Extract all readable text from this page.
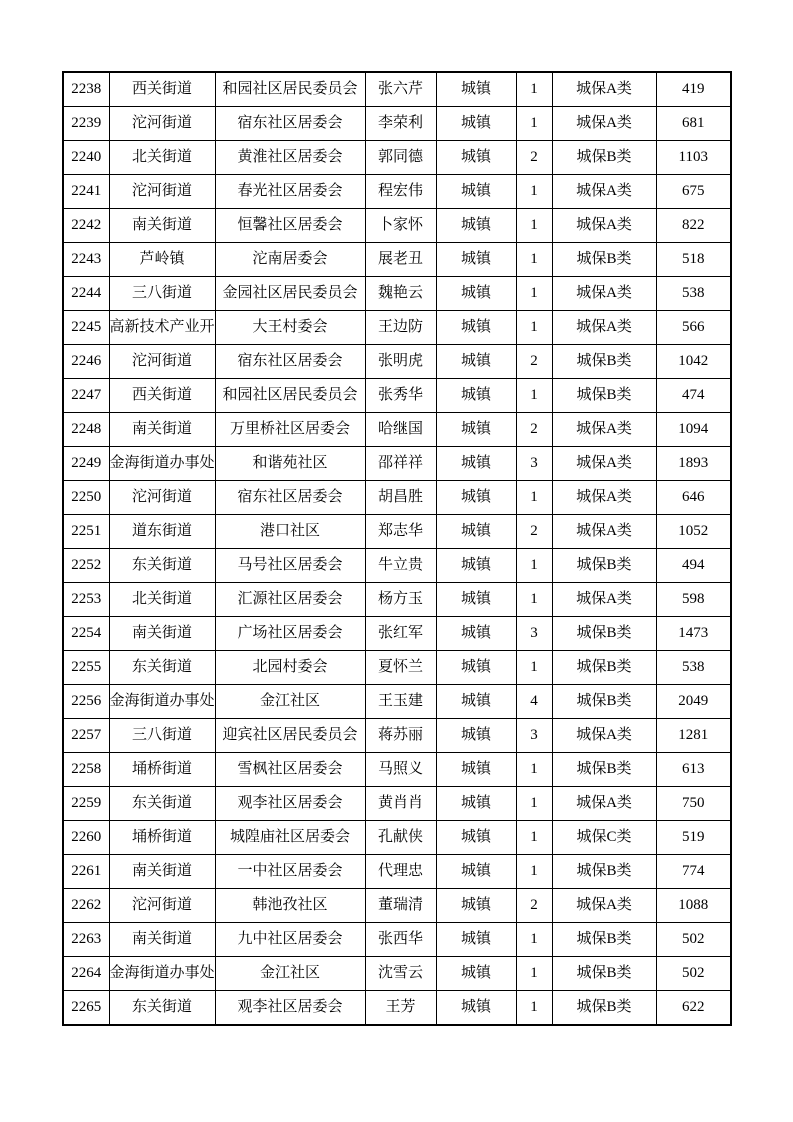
2238	西关街道	和园社区居民委员会	张六芹	城镇	1	城保A类	419
2239	沱河街道	宿东社区居委会	李荣利	城镇	1	城保A类	681
2240	北关街道	黄淮社区居委会	郭同德	城镇	2	城保B类	1103
2241	沱河街道	春光社区居委会	程宏伟	城镇	1	城保A类	675
2242	南关街道	恒馨社区居委会	卜家怀	城镇	1	城保A类	822
2243	芦岭镇	沱南居委会	展老丑	城镇	1	城保B类	518
2244	三八街道	金园社区居民委员会	魏艳云	城镇	1	城保A类	538
2245	高新技术产业开	大王村委会	王边防	城镇	1	城保A类	566
2246	沱河街道	宿东社区居委会	张明虎	城镇	2	城保B类	1042
2247	西关街道	和园社区居民委员会	张秀华	城镇	1	城保B类	474
2248	南关街道	万里桥社区居委会	哈继国	城镇	2	城保A类	1094
2249	金海街道办事处	和谐苑社区	邵祥祥	城镇	3	城保A类	1893
2250	沱河街道	宿东社区居委会	胡昌胜	城镇	1	城保A类	646
2251	道东街道	港口社区	郑志华	城镇	2	城保A类	1052
2252	东关街道	马号社区居委会	牛立贵	城镇	1	城保B类	494
2253	北关街道	汇源社区居委会	杨方玉	城镇	1	城保A类	598
2254	南关街道	广场社区居委会	张红军	城镇	3	城保B类	1473
2255	东关街道	北园村委会	夏怀兰	城镇	1	城保B类	538
2256	金海街道办事处	金江社区	王玉建	城镇	4	城保B类	2049
2257	三八街道	迎宾社区居民委员会	蒋苏丽	城镇	3	城保A类	1281
2258	埇桥街道	雪枫社区居委会	马照义	城镇	1	城保B类	613
2259	东关街道	观李社区居委会	黄肖肖	城镇	1	城保A类	750
2260	埇桥街道	城隍庙社区居委会	孔献侠	城镇	1	城保C类	519
2261	南关街道	一中社区居委会	代理忠	城镇	1	城保B类	774
2262	沱河街道	韩池孜社区	董瑞清	城镇	2	城保A类	1088
2263	南关街道	九中社区居委会	张西华	城镇	1	城保B类	502
2264	金海街道办事处	金江社区	沈雪云	城镇	1	城保B类	502
2265	东关街道	观李社区居委会	王芳	城镇	1	城保B类	622
